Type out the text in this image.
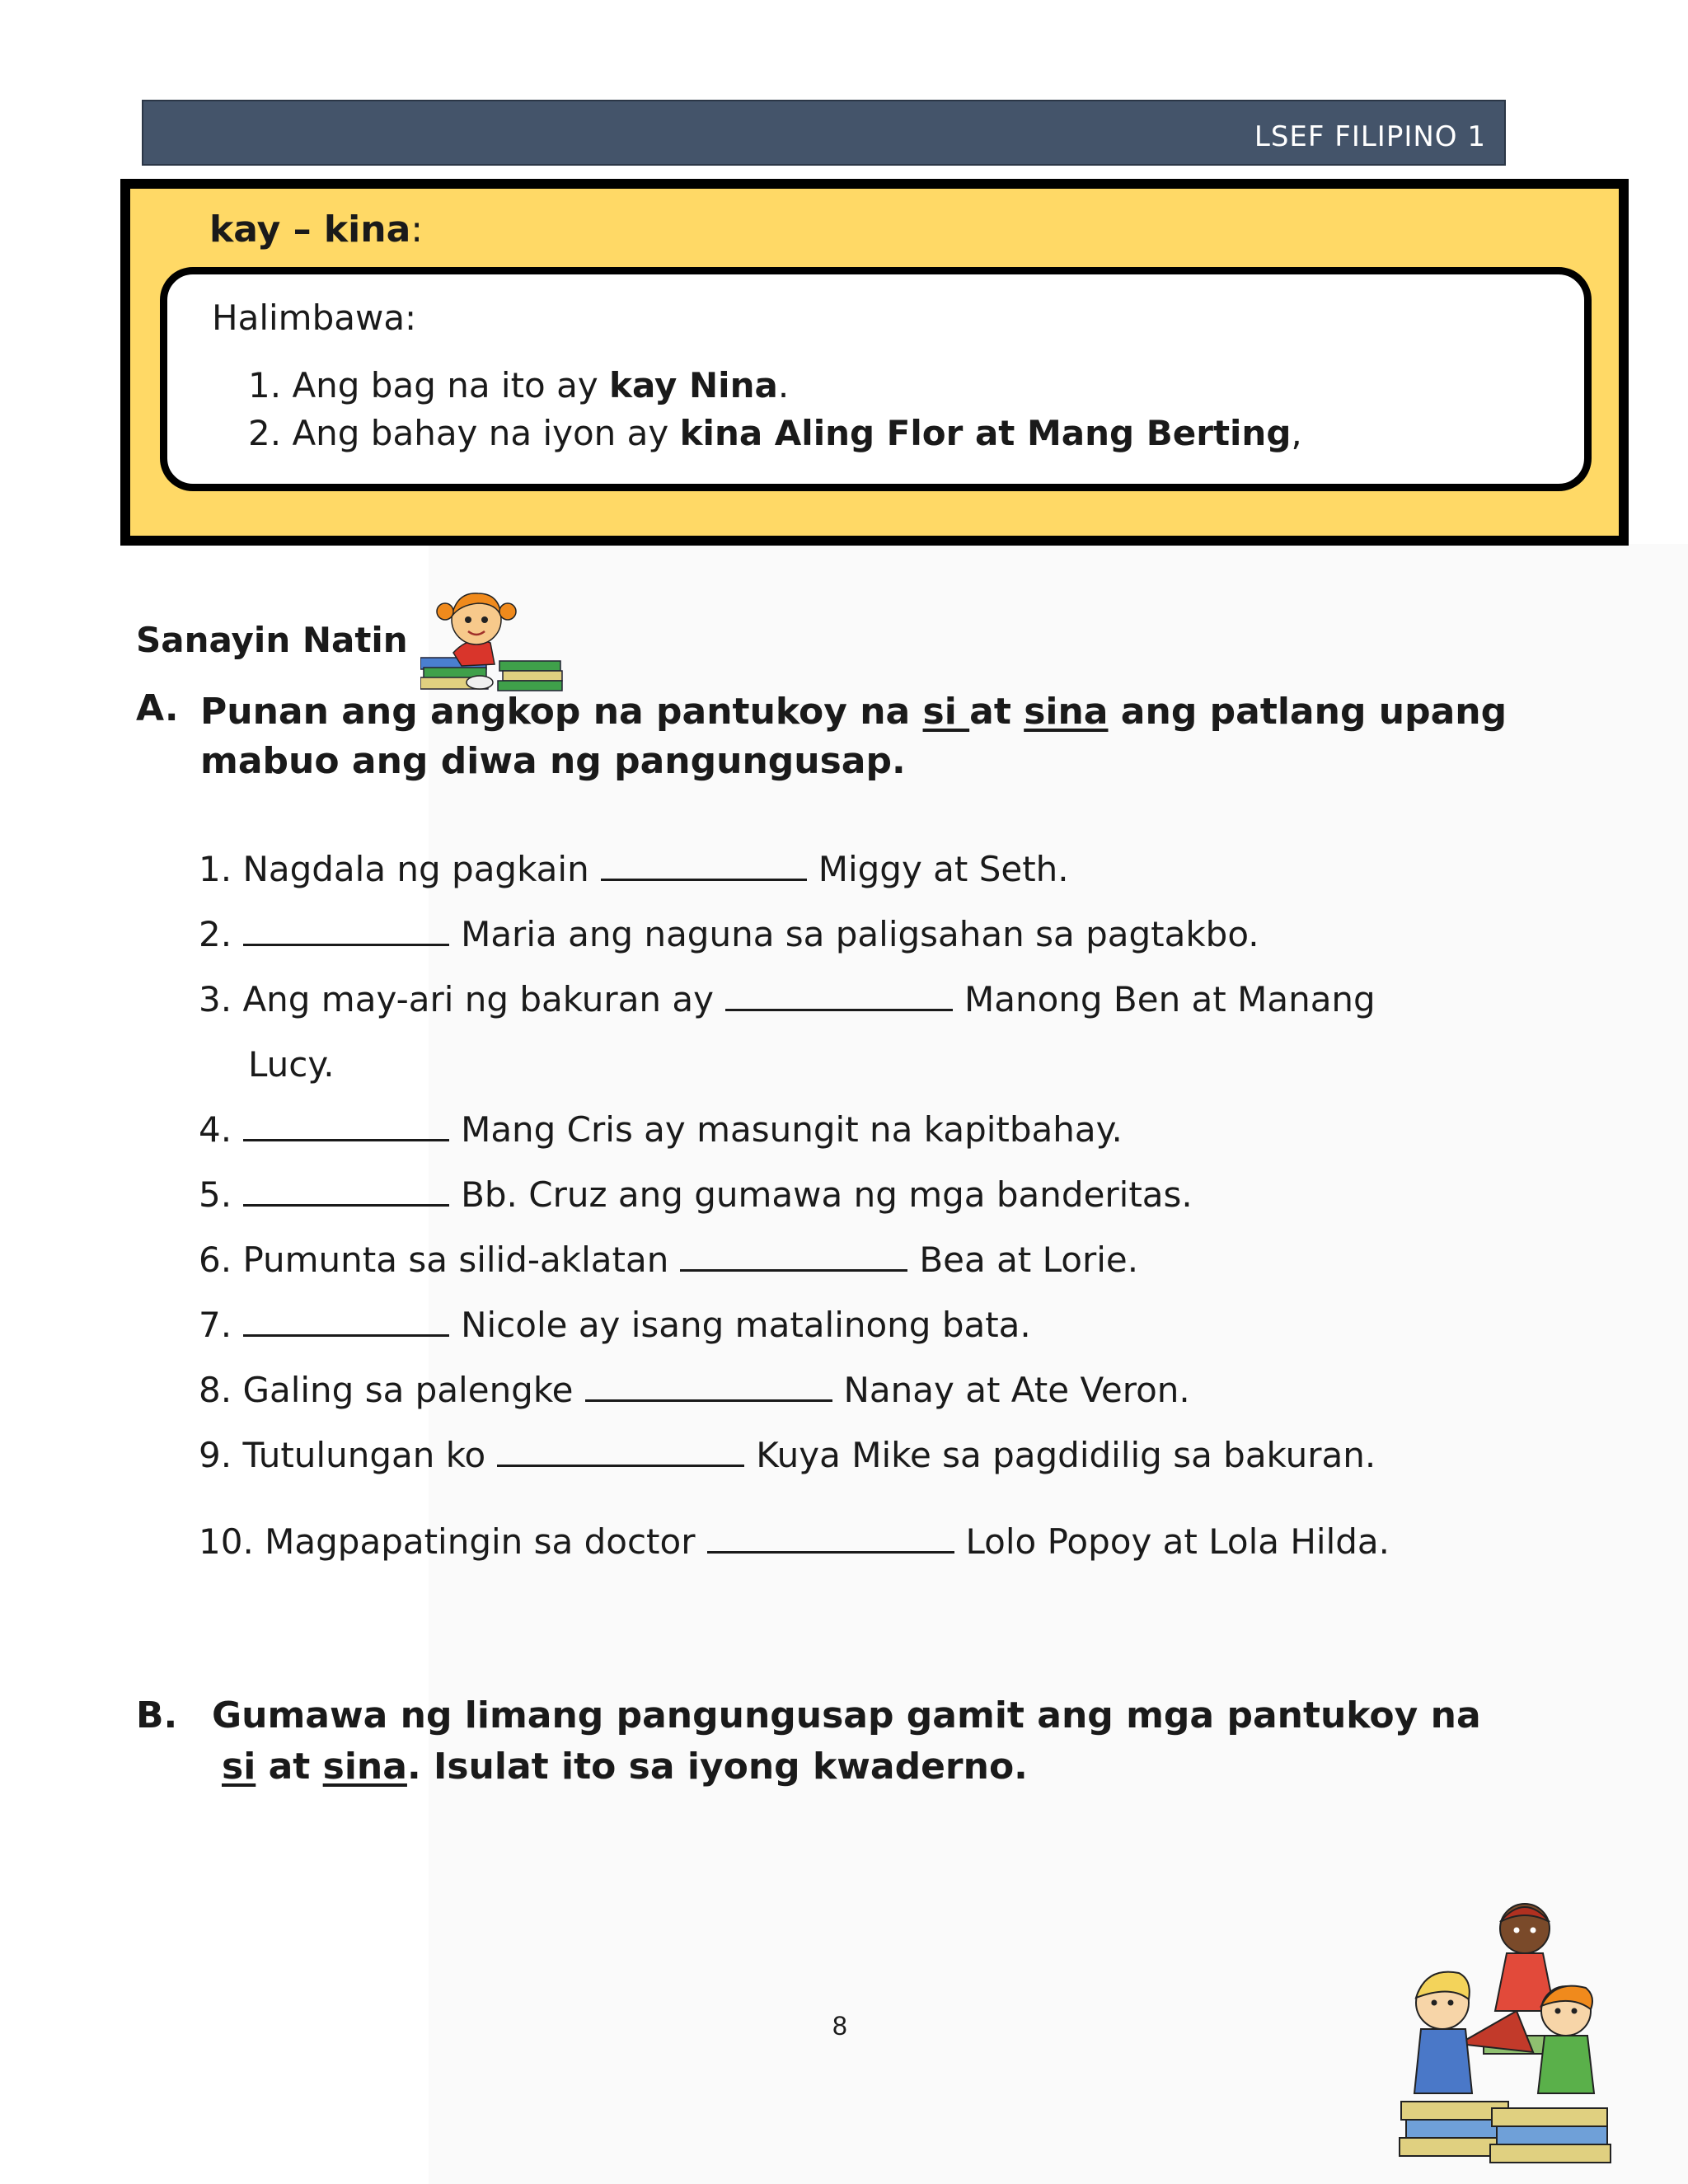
LSEF FILIPINO 1
kay – kina:
Halimbawa:
1. Ang bag na ito ay kay Nina.
2. Ang bahay na iyon ay kina Aling Flor at Mang Berting,
Sanayin Natin
A. Punan ang angkop na pantukoy na si at sina ang patlang upang
mabuo ang diwa ng pangungusap.
1. Nagdala ng pagkain	Miggy at Seth.
2.	Maria ang naguna sa paligsahan sa pagtakbo.
3. Ang may-ari ng bakuran ay	Manong Ben at Manang
Lucy.
4.	Mang Cris ay masungit na kapitbahay.
5.	Bb. Cruz ang gumawa ng mga banderitas.
6. Pumunta sa silid-aklatan	Bea at Lorie.
7.	Nicole ay isang matalinong bata.
8. Galing sa palengke	Nanay at Ate Veron.
9. Tutulungan ko	Kuya Mike sa pagdidilig sa bakuran.
10. Magpapatingin sa doctor	Lolo Popoy at Lola Hilda.
B. Gumawa ng limang pangungusap gamit ang mga pantukoy na
si at sina. Isulat ito sa iyong kwaderno.
8
